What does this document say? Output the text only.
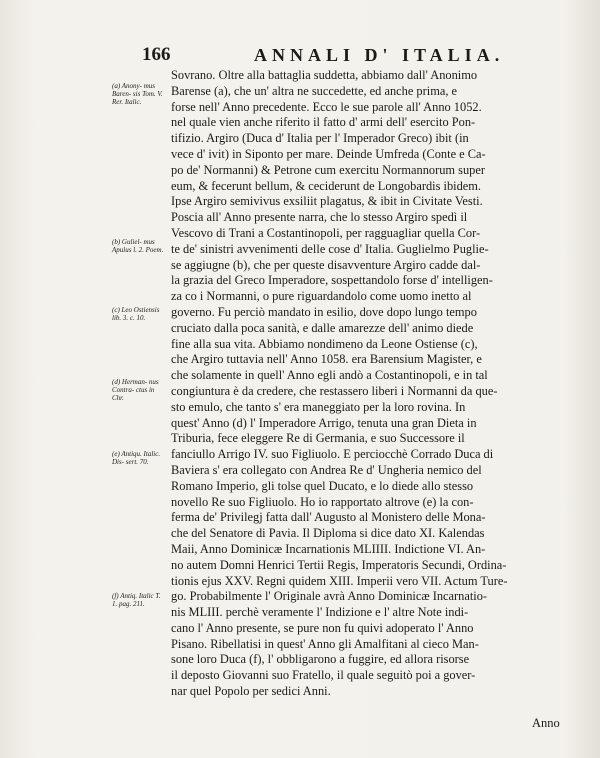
166	ANNALI D' ITALIA.
(a) Anony- mus Baren- sis Tom. V. Rer. Italic.
(b) Guliel- mus Apulus l. 2. Poem.
(c) Leo Ostiensis lib. 3. c. 10.
(d) Herman- nus Contra- ctus in Chr.
(e) Antiqu. Italic. Dis- sert. 70.
(f) Antiq. Italic T. 1. pag. 211.
Sovrano. Oltre alla battaglia suddetta, abbiamo dall' Anonimo
Barense (a), che un' altra ne succedette, ed anche prima, e
forse nell' Anno precedente. Ecco le sue parole all' Anno 1052.
nel quale vien anche riferito il fatto d' armi dell' esercito Pon-
tifizio. Argiro (Duca d' Italia per l' Imperador Greco) ibit (in
vece d' ivit) in Siponto per mare. Deinde Umfreda (Conte e Ca-
po de' Normanni) & Petrone cum exercitu Normannorum super
eum, & fecerunt bellum, & ceciderunt de Longobardis ibidem.
Ipse Argiro semivivus exsiliit plagatus, & ibit in Civitate Vesti.
Poscia all' Anno presente narra, che lo stesso Argiro spedì il
Vescovo di Trani a Costantinopoli, per ragguagliar quella Cor-
te de' sinistri avvenimenti delle cose d' Italia. Guglielmo Puglie-
se aggiugne (b), che per queste disavventure Argiro cadde dal-
la grazia del Greco Imperadore, sospettandolo forse d' intelligen-
za co i Normanni, o pure riguardandolo come uomo inetto al
governo. Fu perciò mandato in esilio, dove dopo lungo tempo
cruciato dalla poca sanità, e dalle amarezze dell' animo diede
fine alla sua vita. Abbiamo nondimeno da Leone Ostiense (c),
che Argiro tuttavia nell' Anno 1058. era Barensium Magister, e
che solamente in quell' Anno egli andò a Costantinopoli, e in tal
congiuntura è da credere, che restassero liberi i Normanni da que-
sto emulo, che tanto s' era maneggiato per la loro rovina. In
quest' Anno (d) l' Imperadore Arrigo, tenuta una gran Dieta in
Triburia, fece eleggere Re di Germania, e suo Successore il
fanciullo Arrigo IV. suo Figliuolo. E perciocchè Corrado Duca di
Baviera s' era collegato con Andrea Re d' Ungheria nemico del
Romano Imperio, gli tolse quel Ducato, e lo diede allo stesso
novello Re suo Figliuolo. Ho io rapportato altrove (e) la con-
ferma de' Privilegj fatta dall' Augusto al Monistero delle Mona-
che del Senatore di Pavia. Il Diploma si dice dato XI. Kalendas
Maii, Anno Dominicæ Incarnationis MLIIII. Indictione VI. An-
no autem Domni Henrici Tertii Regis, Imperatoris Secundi, Ordina-
tionis ejus XXV. Regni quidem XIII. Imperii vero VII. Actum Ture-
go. Probabilmente l' Originale avrà Anno Dominicæ Incarnatio-
nis MLIII. perchè veramente l' Indizione e l' altre Note indi-
cano l' Anno presente, se pure non fu quivi adoperato l' Anno
Pisano. Ribellatisi in quest' Anno gli Amalfitani al cieco Man-
sone loro Duca (f), l' obbligarono a fuggire, ed allora risorse
il deposto Giovanni suo Fratello, il quale seguitò poi a gover-
nar quel Popolo per sedici Anni.
Anno
